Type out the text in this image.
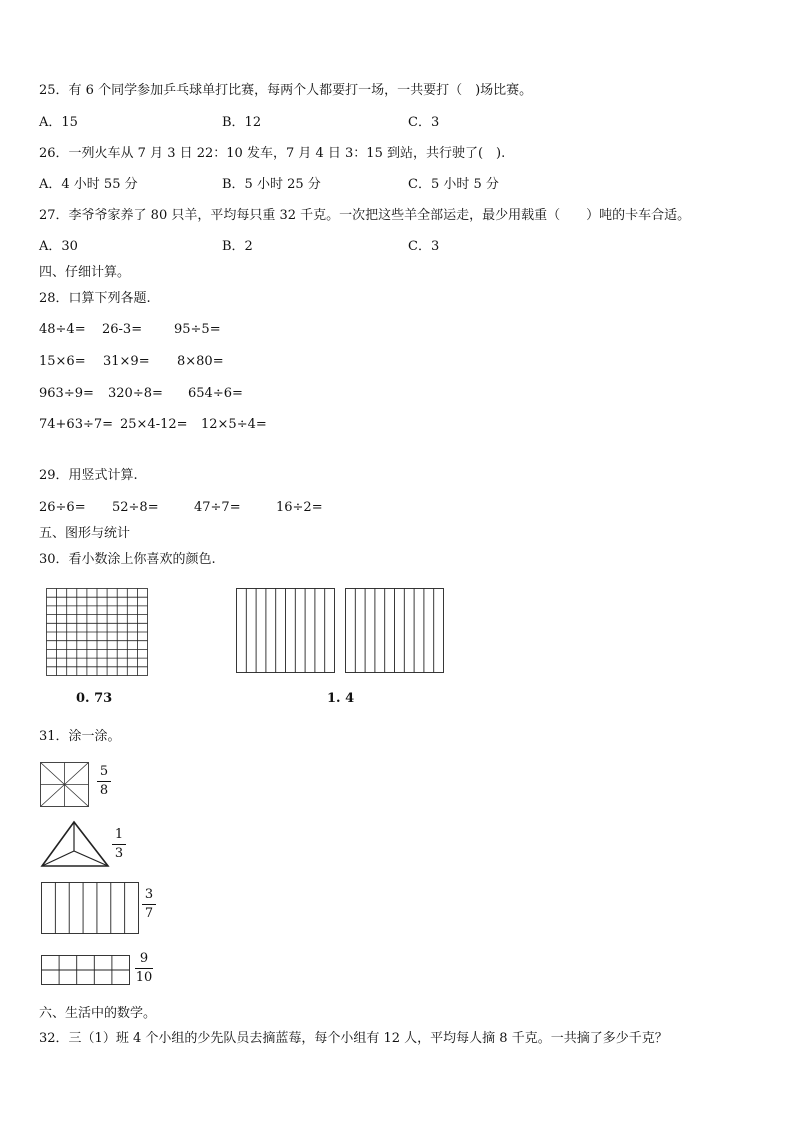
25．有 6 个同学参加乒乓球单打比赛，每两个人都要打一场，一共要打（　)场比赛。
A．15	B．12	C．3
26．一列火车从 7 月 3 日 22：10 发车，7 月 4 日 3：15 到站，共行驶了(　).
A．4 小时 55 分	B．5 小时 25 分	C．5 小时 5 分
27．李爷爷家养了 80 只羊，平均每只重 32 千克。一次把这些羊全部运走，最少用载重（　　）吨的卡车合适。
A．30	B．2	C．3
四、仔细计算。
28．口算下列各题.
48÷4= 26-3= 95÷5=
15×6= 31×9= 8×80=
963÷9= 320÷8= 654÷6=
74+63÷7= 25×4-12= 12×5÷4=
29．用竖式计算.
26÷6= 52÷8=	47÷7=	16÷2=
五、图形与统计
30．看小数涂上你喜欢的颜色.
0. 73	1. 4
31．涂一涂。
5
8
1
3
3
7
9
10
六、生活中的数学。
32．三（1）班 4 个小组的少先队员去摘蓝莓，每个小组有 12 人，平均每人摘 8 千克。一共摘了多少千克？
